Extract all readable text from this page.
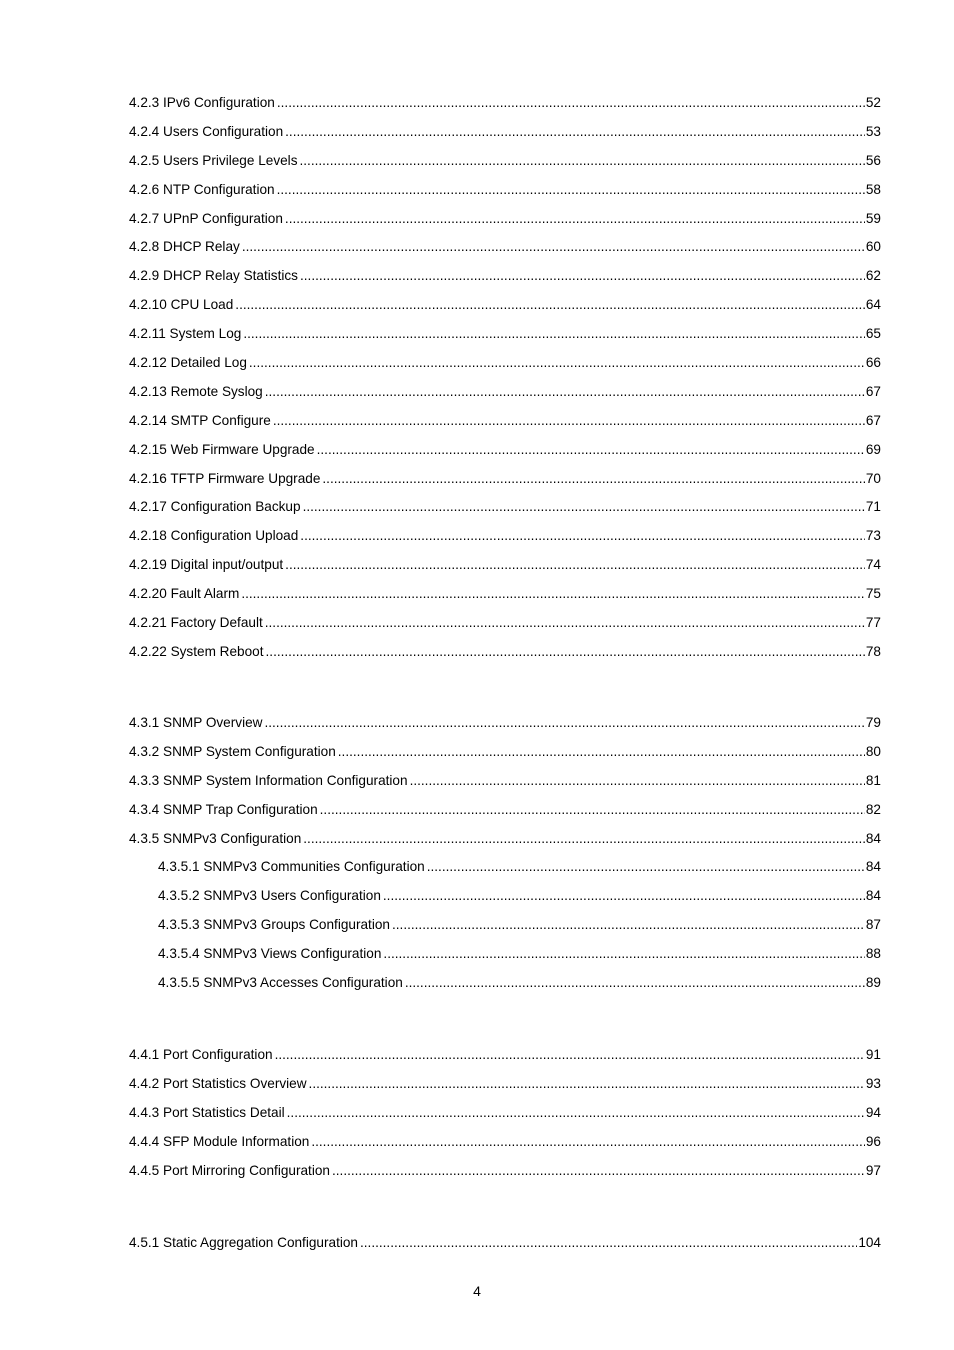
4.2.3 IPv6 Configuration .....	52
4.2.4 Users Configuration .....	53
4.2.5 Users Privilege Levels .....	56
4.2.6 NTP Configuration .....	58
4.2.7 UPnP Configuration .....	59
4.2.8 DHCP Relay .....	60
4.2.9 DHCP Relay Statistics .....	62
4.2.10 CPU Load .....	64
4.2.11 System Log .....	65
4.2.12 Detailed Log .....	66
4.2.13 Remote Syslog .....	67
4.2.14 SMTP Configure .....	67
4.2.15 Web Firmware Upgrade .....	69
4.2.16 TFTP Firmware Upgrade .....	70
4.2.17 Configuration Backup .....	71
4.2.18 Configuration Upload .....	73
4.2.19 Digital input/output .....	74
4.2.20 Fault Alarm .....	75
4.2.21 Factory Default .....	77
4.2.22 System Reboot .....	78
4.3.1 SNMP Overview .....	79
4.3.2 SNMP System Configuration .....	80
4.3.3 SNMP System Information Configuration .....	81
4.3.4 SNMP Trap Configuration .....	82
4.3.5 SNMPv3 Configuration .....	84
4.3.5.1 SNMPv3 Communities Configuration .....	84
4.3.5.2 SNMPv3 Users Configuration .....	84
4.3.5.3 SNMPv3 Groups Configuration .....	87
4.3.5.4 SNMPv3 Views Configuration .....	88
4.3.5.5 SNMPv3 Accesses Configuration .....	89
4.4.1 Port Configuration .....	91
4.4.2 Port Statistics Overview .....	93
4.4.3 Port Statistics Detail .....	94
4.4.4 SFP Module Information .....	96
4.4.5 Port Mirroring Configuration .....	97
4.5.1 Static Aggregation Configuration .....	104
4
